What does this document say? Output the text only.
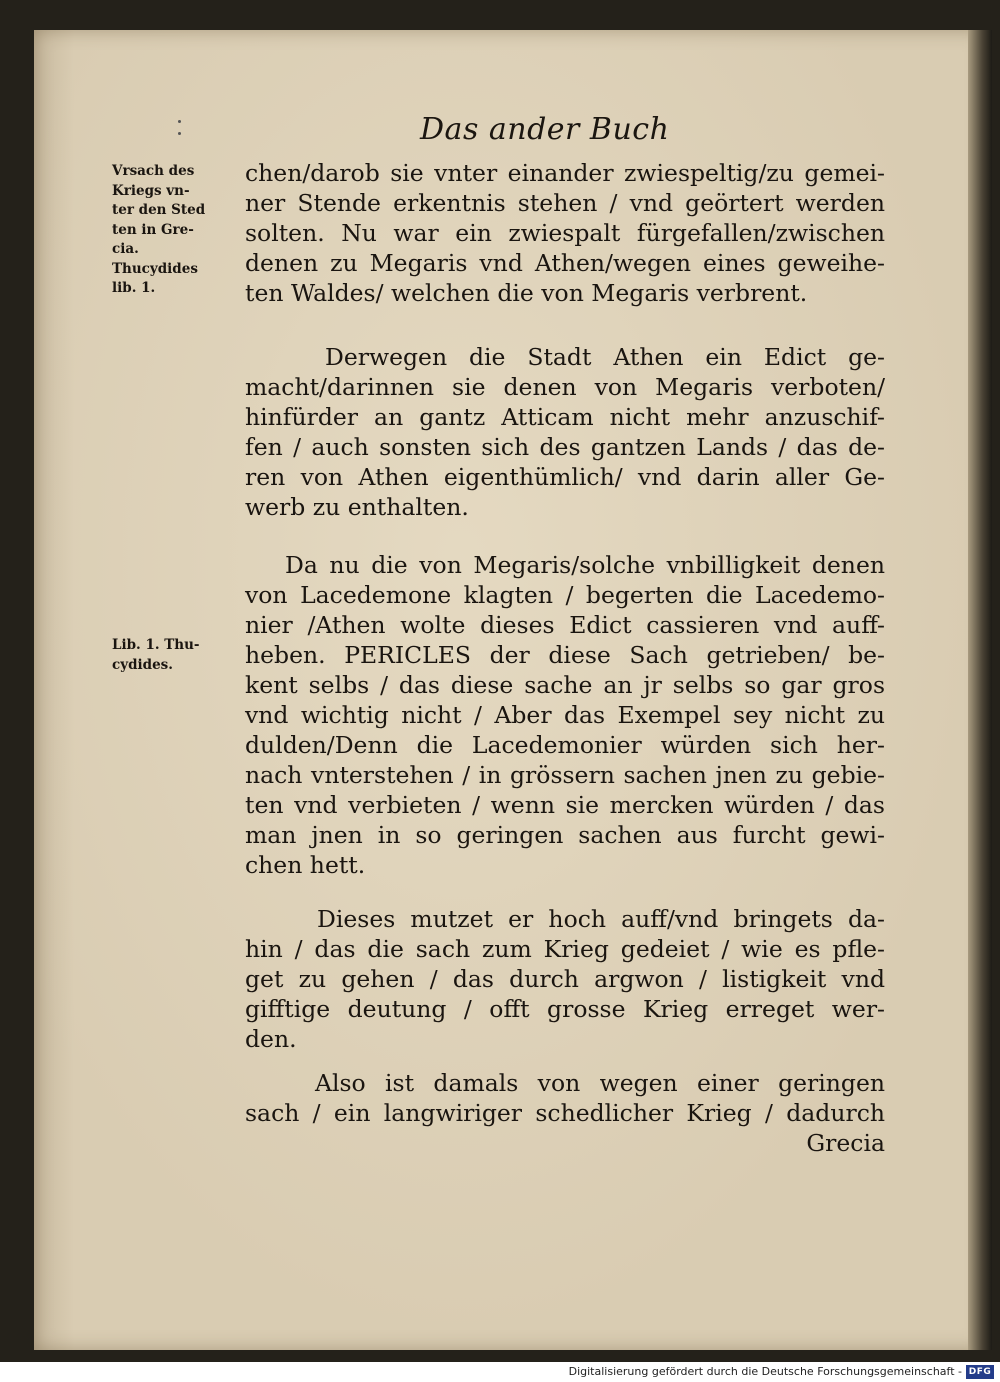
Das ander Buch
Vrsach des
Kriegs vn-
ter den Sted
ten in Gre-
cia.
Thucydides
lib. 1.
Lib. 1. Thu-
cydides.
chen/darob sie vnter einander zwiespeltig/zu gemei-
ner Stende erkentnis stehen / vnd geörtert werden
solten. Nu war ein zwiespalt fürgefallen/zwischen
denen zu Megaris vnd Athen/wegen eines geweihe-
ten Waldes/ welchen die von Megaris verbrent.
Derwegen die Stadt Athen ein Edict ge-
macht/darinnen sie denen von Megaris verboten/
hinfürder an gantz Atticam nicht mehr anzuschif-
fen / auch sonsten sich des gantzen Lands / das de-
ren von Athen eigenthümlich/ vnd darin aller Ge-
werb zu enthalten.
Da nu die von Megaris/solche vnbilligkeit denen
von Lacedemone klagten / begerten die Lacedemo-
nier /Athen wolte dieses Edict cassieren vnd auff-
heben. PERICLES der diese Sach getrieben/ be-
kent selbs / das diese sache an jr selbs so gar gros
vnd wichtig nicht / Aber das Exempel sey nicht zu
dulden/Denn die Lacedemonier würden sich her-
nach vnterstehen / in grössern sachen jnen zu gebie-
ten vnd verbieten / wenn sie mercken würden / das
man jnen in so geringen sachen aus furcht gewi-
chen hett.
Dieses mutzet er hoch auff/vnd bringets da-
hin / das die sach zum Krieg gedeiet / wie es pfle-
get zu gehen / das durch argwon / listigkeit vnd
gifftige deutung / offt grosse Krieg erreget wer-
den.
Also ist damals von wegen einer geringen
sach / ein langwiriger schedlicher Krieg / dadurch
Grecia
Digitalisierung gefördert durch die Deutsche Forschungsgemeinschaft - DFG
